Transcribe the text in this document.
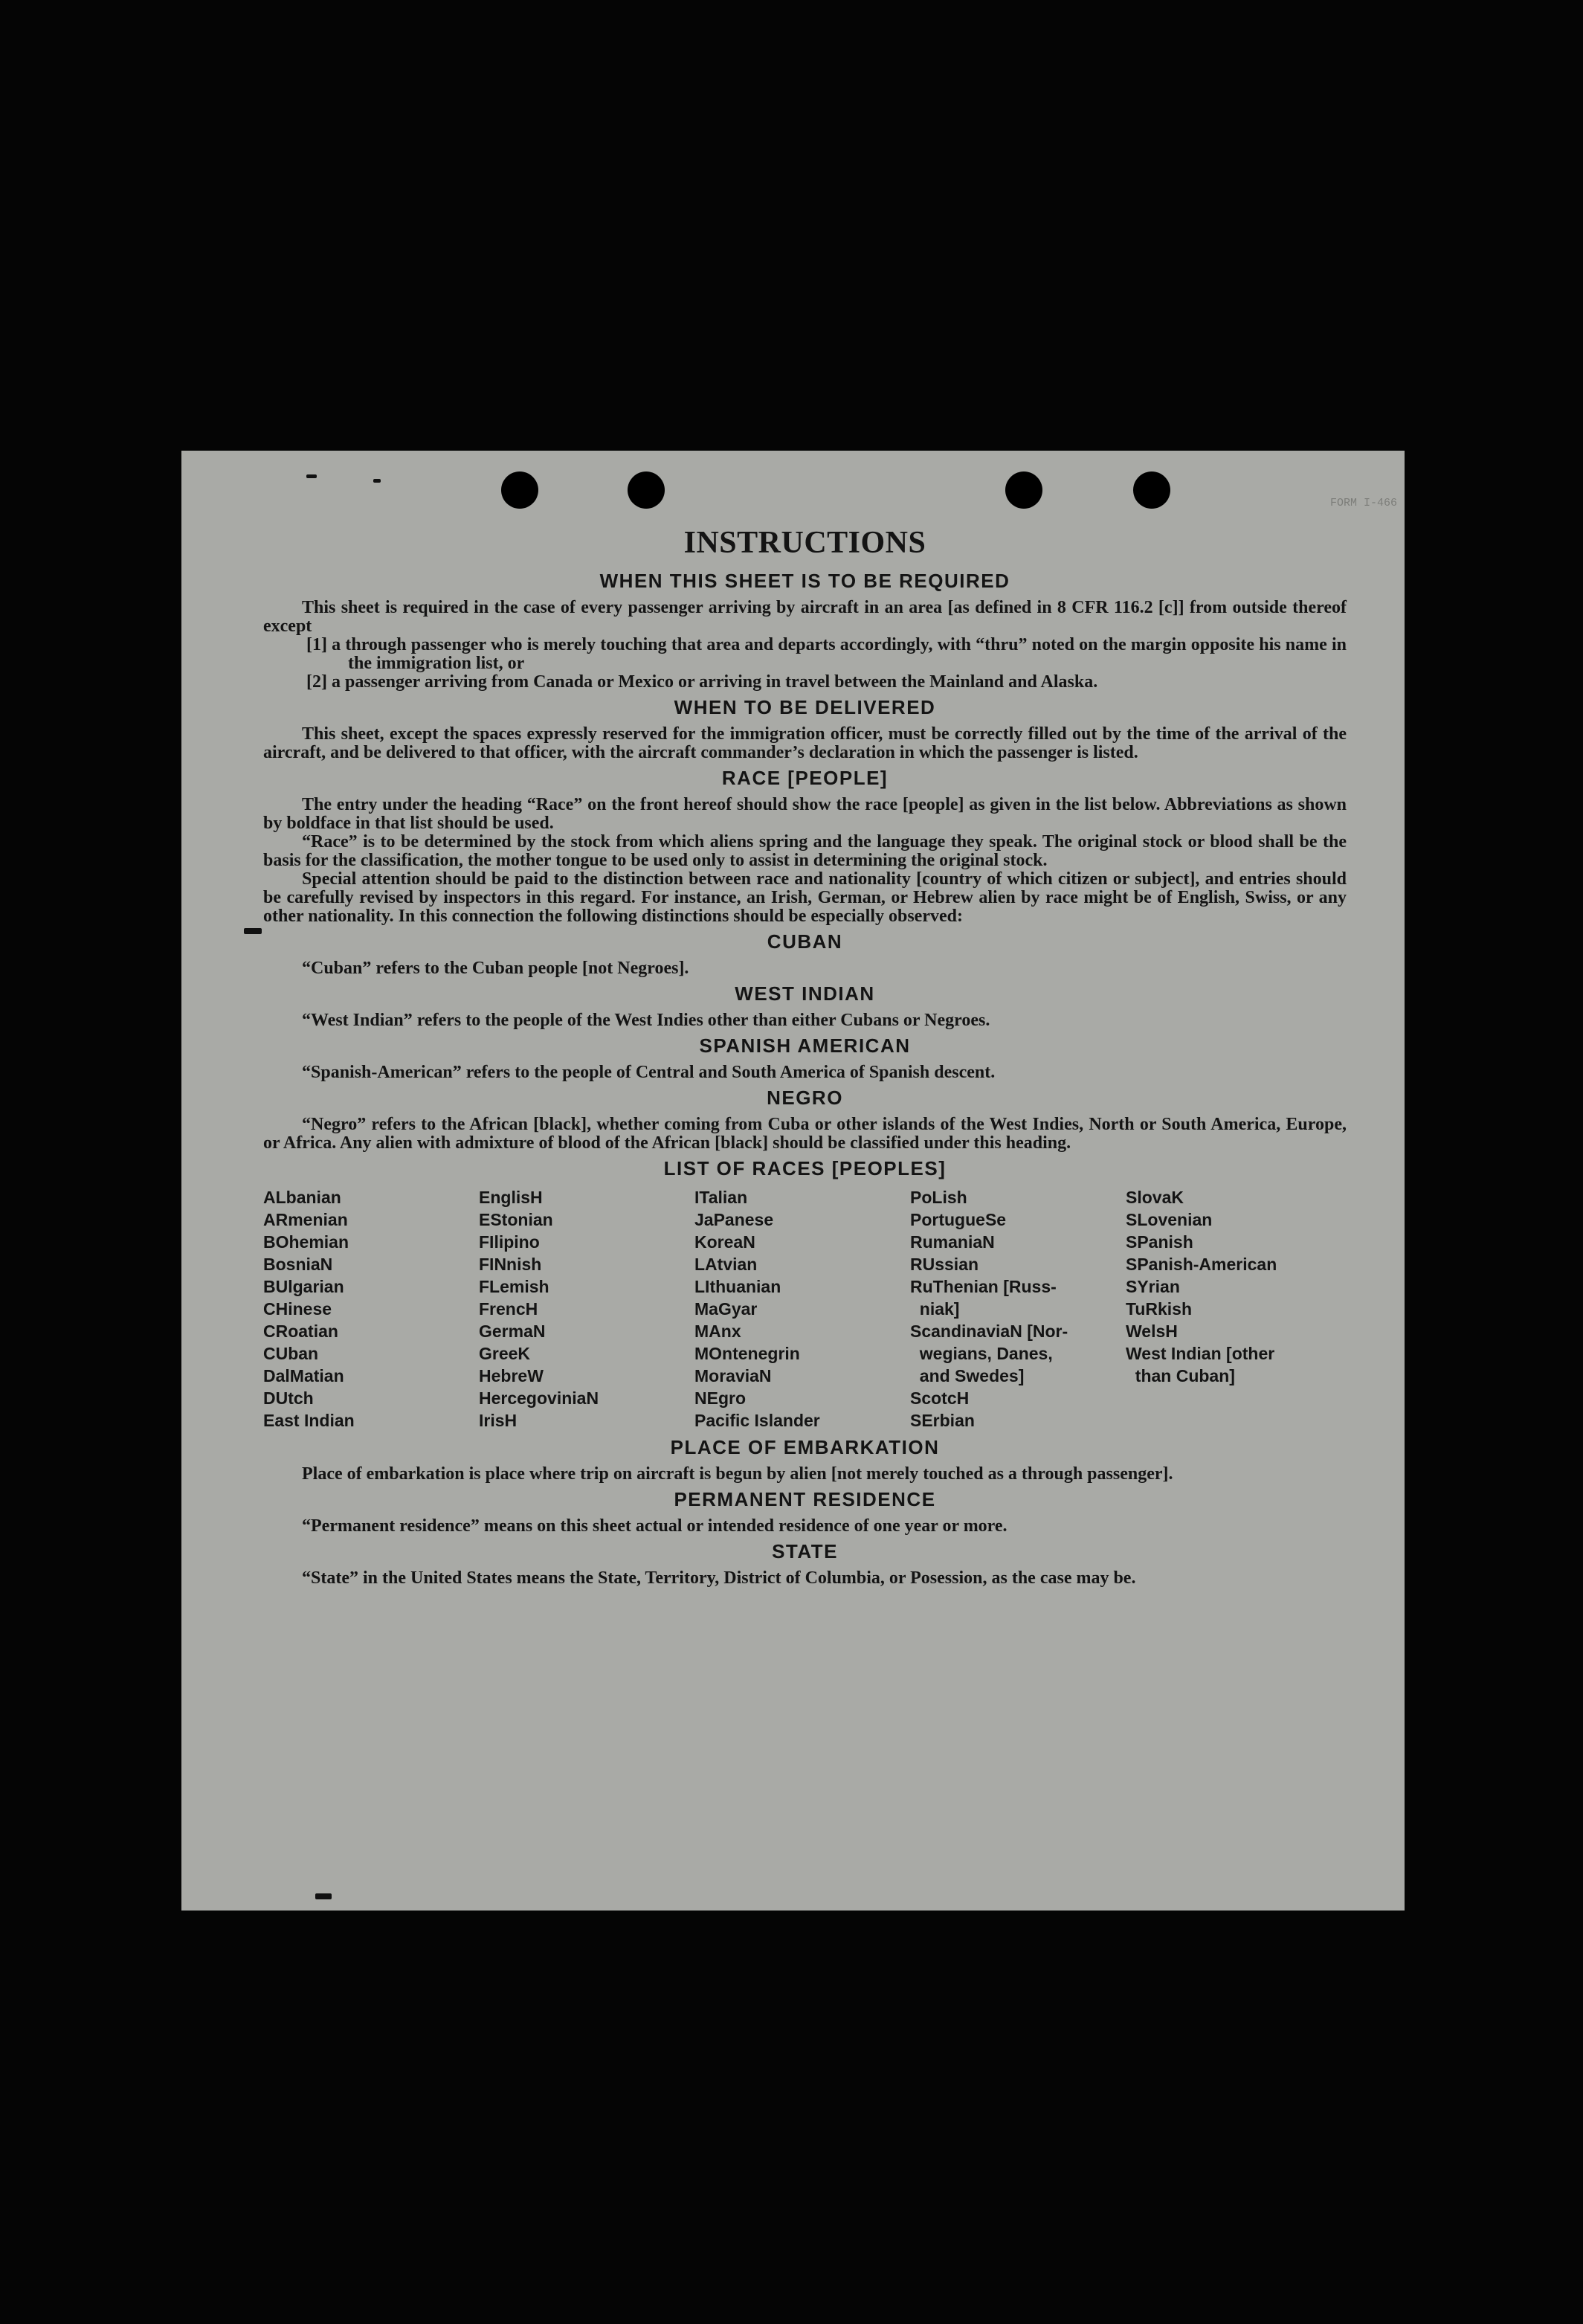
FORM I-466
INSTRUCTIONS
WHEN THIS SHEET IS TO BE REQUIRED

This sheet is required in the case of every passenger arriving by aircraft in an area [as defined in 8 CFR 116.2 [c]] from outside thereof except

[1] a through passenger who is merely touching that area and departs accordingly, with “thru” noted on the margin opposite his name in the immigration list, or

[2] a passenger arriving from Canada or Mexico or arriving in travel between the Mainland and Alaska.

WHEN TO BE DELIVERED

This sheet, except the spaces expressly reserved for the immigration officer, must be correctly filled out by the time of the arrival of the aircraft, and be delivered to that officer, with the aircraft commander’s declaration in which the passenger is listed.

RACE [PEOPLE]

The entry under the heading “Race” on the front hereof should show the race [people] as given in the list below. Abbreviations as shown by boldface in that list should be used.

“Race” is to be determined by the stock from which aliens spring and the language they speak. The original stock or blood shall be the basis for the classification, the mother tongue to be used only to assist in determining the original stock.

Special attention should be paid to the distinction between race and nationality [country of which citizen or subject], and entries should be carefully revised by inspectors in this regard. For instance, an Irish, German, or Hebrew alien by race might be of English, Swiss, or any other nationality. In this connection the following distinctions should be especially observed:

CUBAN

“Cuban” refers to the Cuban people [not Negroes].

WEST INDIAN

“West Indian” refers to the people of the West Indies other than either Cubans or Negroes.

SPANISH AMERICAN

“Spanish-American” refers to the people of Central and South America of Spanish descent.

NEGRO

“Negro” refers to the African [black], whether coming from Cuba or other islands of the West Indies, North or South America, Europe, or Africa. Any alien with admixture of blood of the African [black] should be classified under this heading.

LIST OF RACES [PEOPLES]
ALbanian
ARmenian
BOhemian
BosniaN
BUlgarian
CHinese
CRoatian
CUban
DalMatian
DUtch
East Indian
EnglisH
EStonian
FIlipino
FINnish
FLemish
FrencH
GermaN
GreeK
HebreW
HercegoviniaN
IrisH
ITalian
JaPanese
KoreaN
LAtvian
LIthuanian
MaGyar
MAnx
MOntenegrin
MoraviaN
NEgro
Pacific Islander
PoLish
PortugueSe
RumaniaN
RUssian
RuThenian [Russ-
niak]
ScandinaviaN [Nor-
wegians, Danes,
and Swedes]
ScotcH
SErbian
SlovaK
SLovenian
SPanish
SPanish-American
SYrian
TuRkish
WelsH
West Indian [other
than Cuban]
PLACE OF EMBARKATION

Place of embarkation is place where trip on aircraft is begun by alien [not merely touched as a through passenger].

PERMANENT RESIDENCE

“Permanent residence” means on this sheet actual or intended residence of one year or more.

STATE

“State” in the United States means the State, Territory, District of Columbia, or Posession, as the case may be.
